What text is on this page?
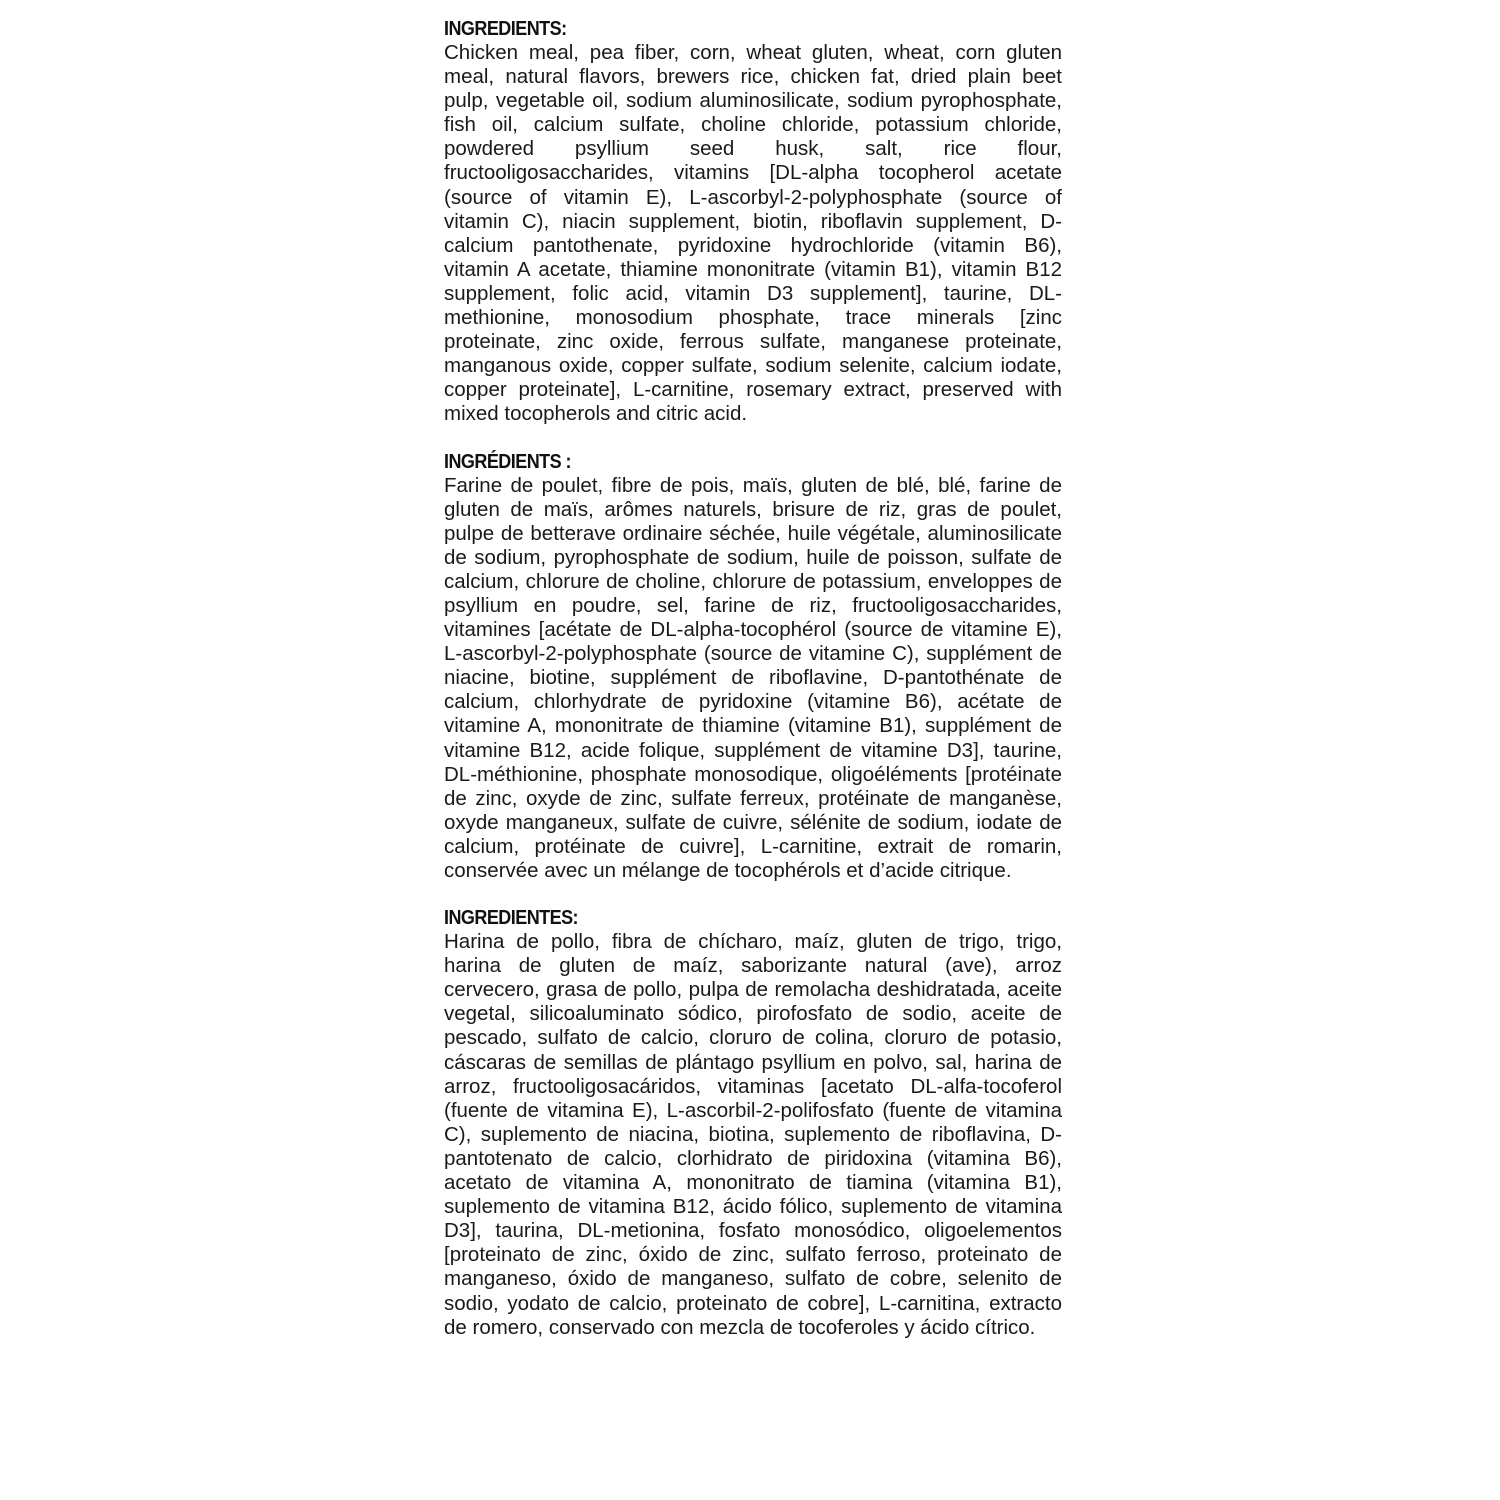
INGREDIENTS:

Chicken meal, pea fiber, corn, wheat gluten, wheat, corn gluten meal, natural flavors, brewers rice, chicken fat, dried plain beet pulp, vegetable oil, sodium aluminosilicate, sodium pyrophosphate, fish oil, calcium sulfate, choline chloride, potassium chloride, powdered psyllium seed husk, salt, rice flour, fructooligosaccharides, vitamins [DL-alpha tocopherol acetate (source of vitamin E), L-ascorbyl-2-polyphosphate (source of vitamin C), niacin supplement, biotin, riboflavin supplement, D-calcium pantothenate, pyridoxine hydrochloride (vitamin B6), vitamin A acetate, thiamine mononitrate (vitamin B1), vitamin B12 supplement, folic acid, vitamin D3 supplement], taurine, DL-methionine, monosodium phosphate, trace minerals [zinc proteinate, zinc oxide, ferrous sulfate, manganese proteinate, manganous oxide, copper sulfate, sodium selenite, calcium iodate, copper proteinate], L-carnitine, rosemary extract, preserved with mixed tocopherols and citric acid.

INGRÉDIENTS :

Farine de poulet, fibre de pois, maïs, gluten de blé, blé, farine de gluten de maïs, arômes naturels, brisure de riz, gras de poulet, pulpe de betterave ordinaire séchée, huile végétale, aluminosilicate de sodium, pyrophosphate de sodium, huile de poisson, sulfate de calcium, chlorure de choline, chlorure de potassium, enveloppes de psyllium en poudre, sel, farine de riz, fructooligosaccharides, vitamines [acétate de DL-alpha-tocophérol (source de vitamine E), L-ascorbyl-2-polyphosphate (source de vitamine C), supplément de niacine, biotine, supplément de riboflavine, D-pantothénate de calcium, chlorhydrate de pyridoxine (vitamine B6), acétate de vitamine A, mononitrate de thiamine (vitamine B1), supplément de vitamine B12, acide folique, supplément de vitamine D3], taurine, DL-méthionine, phosphate monosodique, oligoéléments [protéinate de zinc, oxyde de zinc, sulfate ferreux, protéinate de manganèse, oxyde manganeux, sulfate de cuivre, sélénite de sodium, iodate de calcium, protéinate de cuivre], L-carnitine, extrait de romarin, conservée avec un mélange de tocophérols et d’acide citrique.

INGREDIENTES:

Harina de pollo, fibra de chícharo, maíz, gluten de trigo, trigo, harina de gluten de maíz, saborizante natural (ave), arroz cervecero, grasa de pollo, pulpa de remolacha deshidratada, aceite vegetal, silicoaluminato sódico, pirofosfato de sodio, aceite de pescado, sulfato de calcio, cloruro de colina, cloruro de potasio, cáscaras de semillas de plántago psyllium en polvo, sal, harina de arroz, fructooligosacáridos, vitaminas [acetato DL-alfa-tocoferol (fuente de vitamina E), L-ascorbil-2-polifosfato (fuente de vitamina C), suplemento de niacina, biotina, suplemento de riboflavina, D-pantotenato de calcio, clorhidrato de piridoxina (vitamina B6), acetato de vitamina A, mononitrato de tiamina (vitamina B1), suplemento de vitamina B12, ácido fólico, suplemento de vitamina D3], taurina, DL-metionina, fosfato monosódico, oligoelementos [proteinato de zinc, óxido de zinc, sulfato ferroso, proteinato de manganeso, óxido de manganeso, sulfato de cobre, selenito de sodio, yodato de calcio, proteinato de cobre], L-carnitina, extracto de romero, conservado con mezcla de tocoferoles y ácido cítrico.
